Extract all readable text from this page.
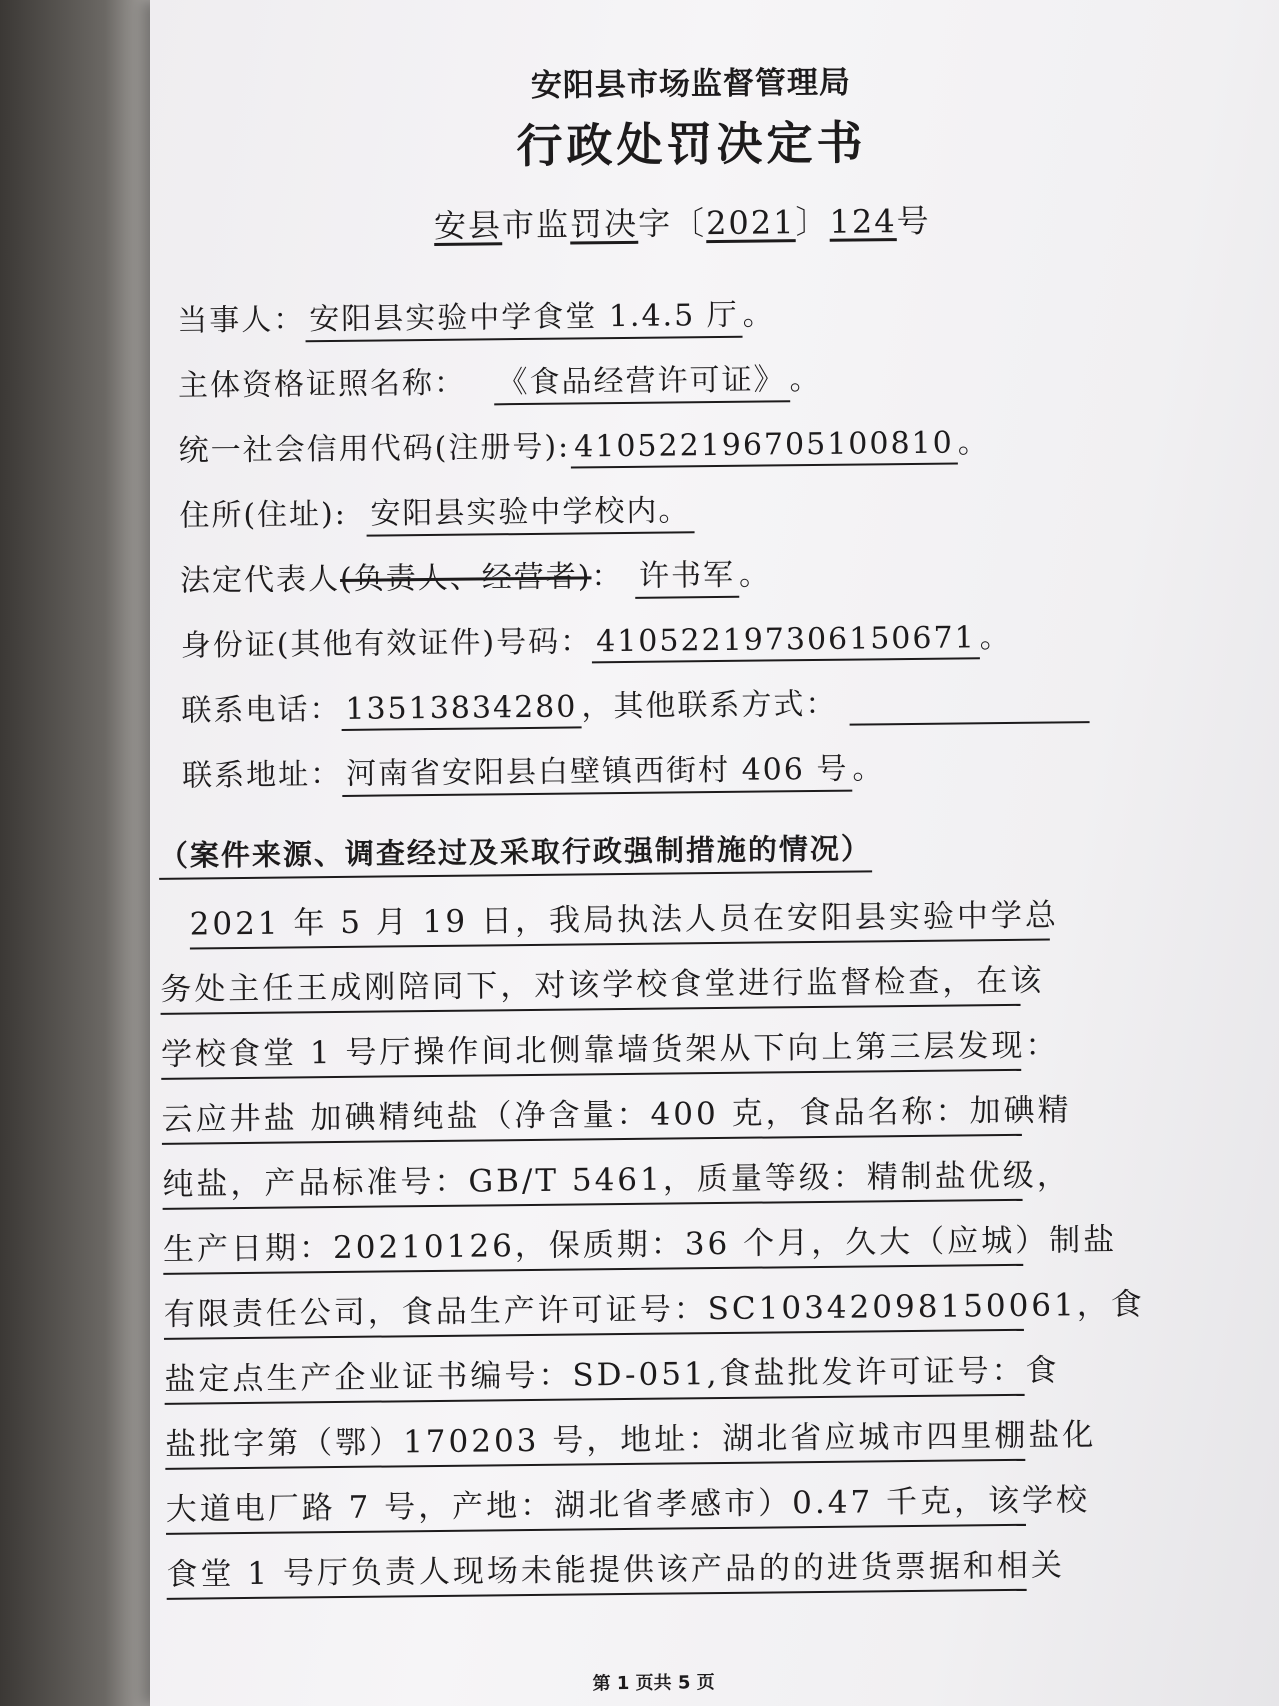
安阳县市场监督管理局
行政处罚决定书
安县市监罚决字〔2021〕124号
当事人： 安阳县实验中学食堂 1.4.5 厅 。
主体资格证照名称： 《食品经营许可证》 。
统一社会信用代码(注册号): 410522196705100810 。
住所(住址): 安阳县实验中学校内。
法定代表人(负责人、经营者)： 许书军 。
身份证(其他有效证件)号码： 410522197306150671 。
联系电话： 13513834280 ，其他联系方式：
联系地址： 河南省安阳县白壁镇西街村 406 号 。
（案件来源、调查经过及采取行政强制措施的情况）
2021 年 5 月 19 日，我局执法人员在安阳县实验中学总
务处主任王成刚陪同下，对该学校食堂进行监督检查，在该
学校食堂 1 号厅操作间北侧靠墙货架从下向上第三层发现：
云应井盐 加碘精纯盐（净含量：400 克，食品名称：加碘精
纯盐，产品标准号：GB/T 5461，质量等级：精制盐优级，
生产日期：20210126，保质期：36 个月，久大（应城）制盐
有限责任公司，食品生产许可证号：SC10342098150061，食
盐定点生产企业证书编号：SD-051,食盐批发许可证号：食
盐批字第（鄂）170203 号，地址：湖北省应城市四里棚盐化
大道电厂路 7 号，产地：湖北省孝感市）0.47 千克，该学校
食堂 1 号厅负责人现场未能提供该产品的的进货票据和相关
第 1 页共 5 页
